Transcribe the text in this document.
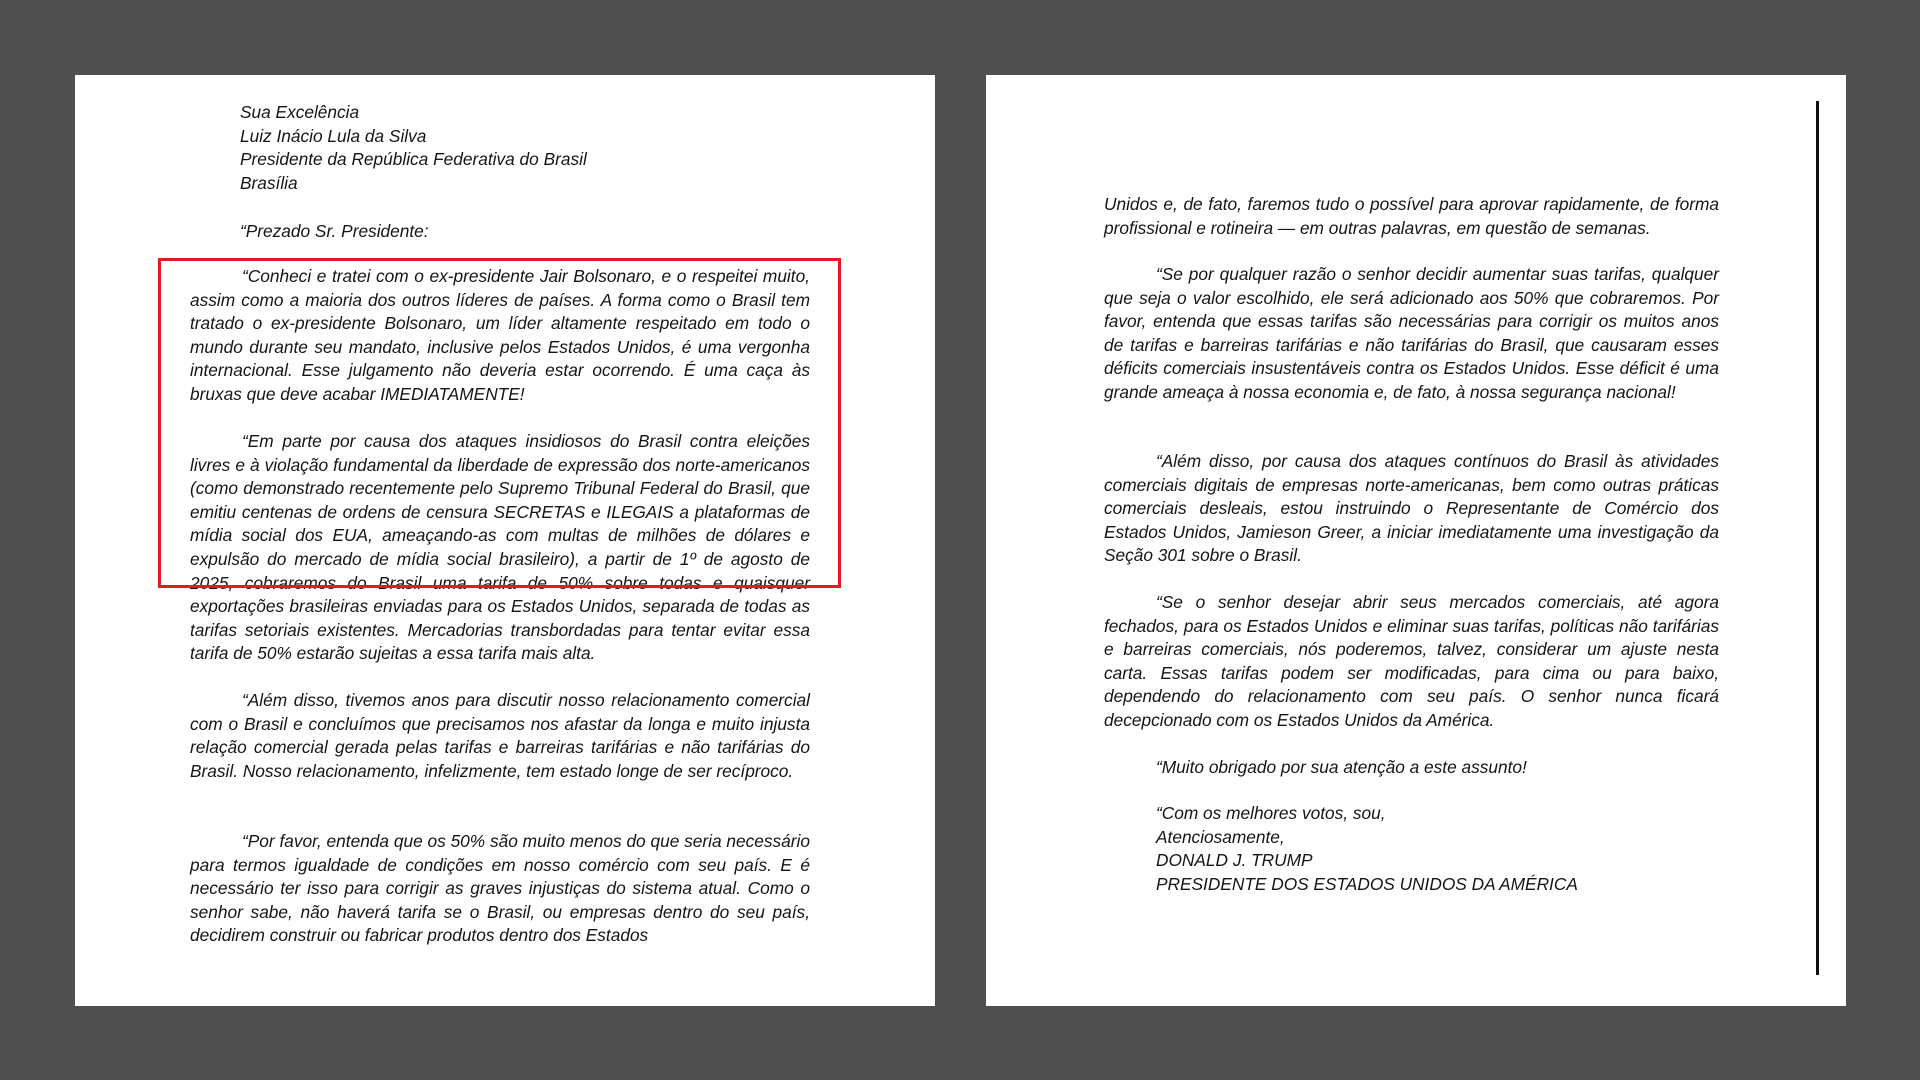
Sua Excelência
Luiz Inácio Lula da Silva
Presidente da República Federativa do Brasil
Brasília

“Prezado Sr. Presidente:

“Conheci e tratei com o ex-presidente Jair Bolsonaro, e o respeitei muito, assim como a maioria dos outros líderes de países. A forma como o Brasil tem tratado o ex-presidente Bolsonaro, um líder altamente respeitado em todo o mundo durante seu mandato, inclusive pelos Estados Unidos, é uma vergonha internacional. Esse julgamento não deveria estar ocorrendo. É uma caça às bruxas que deve acabar IMEDIATAMENTE!

“Em parte por causa dos ataques insidiosos do Brasil contra eleições livres e à violação fundamental da liberdade de expressão dos norte-americanos (como demonstrado recentemente pelo Supremo Tribunal Federal do Brasil, que emitiu centenas de ordens de censura SECRETAS e ILEGAIS a plataformas de mídia social dos EUA, ameaçando-as com multas de milhões de dólares e expulsão do mercado de mídia social brasileiro), a partir de 1º de agosto de 2025, cobraremos do Brasil uma tarifa de 50% sobre todas e quaisquer exportações brasileiras enviadas para os Estados Unidos, separada de todas as tarifas setoriais existentes. Mercadorias transbordadas para tentar evitar essa tarifa de 50% estarão sujeitas a essa tarifa mais alta.

“Além disso, tivemos anos para discutir nosso relacionamento comercial com o Brasil e concluímos que precisamos nos afastar da longa e muito injusta relação comercial gerada pelas tarifas e barreiras tarifárias e não tarifárias do Brasil. Nosso relacionamento, infelizmente, tem estado longe de ser recíproco.

“Por favor, entenda que os 50% são muito menos do que seria necessário para termos igualdade de condições em nosso comércio com seu país. E é necessário ter isso para corrigir as graves injustiças do sistema atual. Como o senhor sabe, não haverá tarifa se o Brasil, ou empresas dentro do seu país, decidirem construir ou fabricar produtos dentro dos Estados

Unidos e, de fato, faremos tudo o possível para aprovar rapidamente, de forma profissional e rotineira — em outras palavras, em questão de semanas.

“Se por qualquer razão o senhor decidir aumentar suas tarifas, qualquer que seja o valor escolhido, ele será adicionado aos 50% que cobraremos. Por favor, entenda que essas tarifas são necessárias para corrigir os muitos anos de tarifas e barreiras tarifárias e não tarifárias do Brasil, que causaram esses déficits comerciais insustentáveis contra os Estados Unidos. Esse déficit é uma grande ameaça à nossa economia e, de fato, à nossa segurança nacional!

“Além disso, por causa dos ataques contínuos do Brasil às atividades comerciais digitais de empresas norte-americanas, bem como outras práticas comerciais desleais, estou instruindo o Representante de Comércio dos Estados Unidos, Jamieson Greer, a iniciar imediatamente uma investigação da Seção 301 sobre o Brasil.

“Se o senhor desejar abrir seus mercados comerciais, até agora fechados, para os Estados Unidos e eliminar suas tarifas, políticas não tarifárias e barreiras comerciais, nós poderemos, talvez, considerar um ajuste nesta carta. Essas tarifas podem ser modificadas, para cima ou para baixo, dependendo do relacionamento com seu país. O senhor nunca ficará decepcionado com os Estados Unidos da América.

“Muito obrigado por sua atenção a este assunto!

“Com os melhores votos, sou,
Atenciosamente,
DONALD J. TRUMP
PRESIDENTE DOS ESTADOS UNIDOS DA AMÉRICA
